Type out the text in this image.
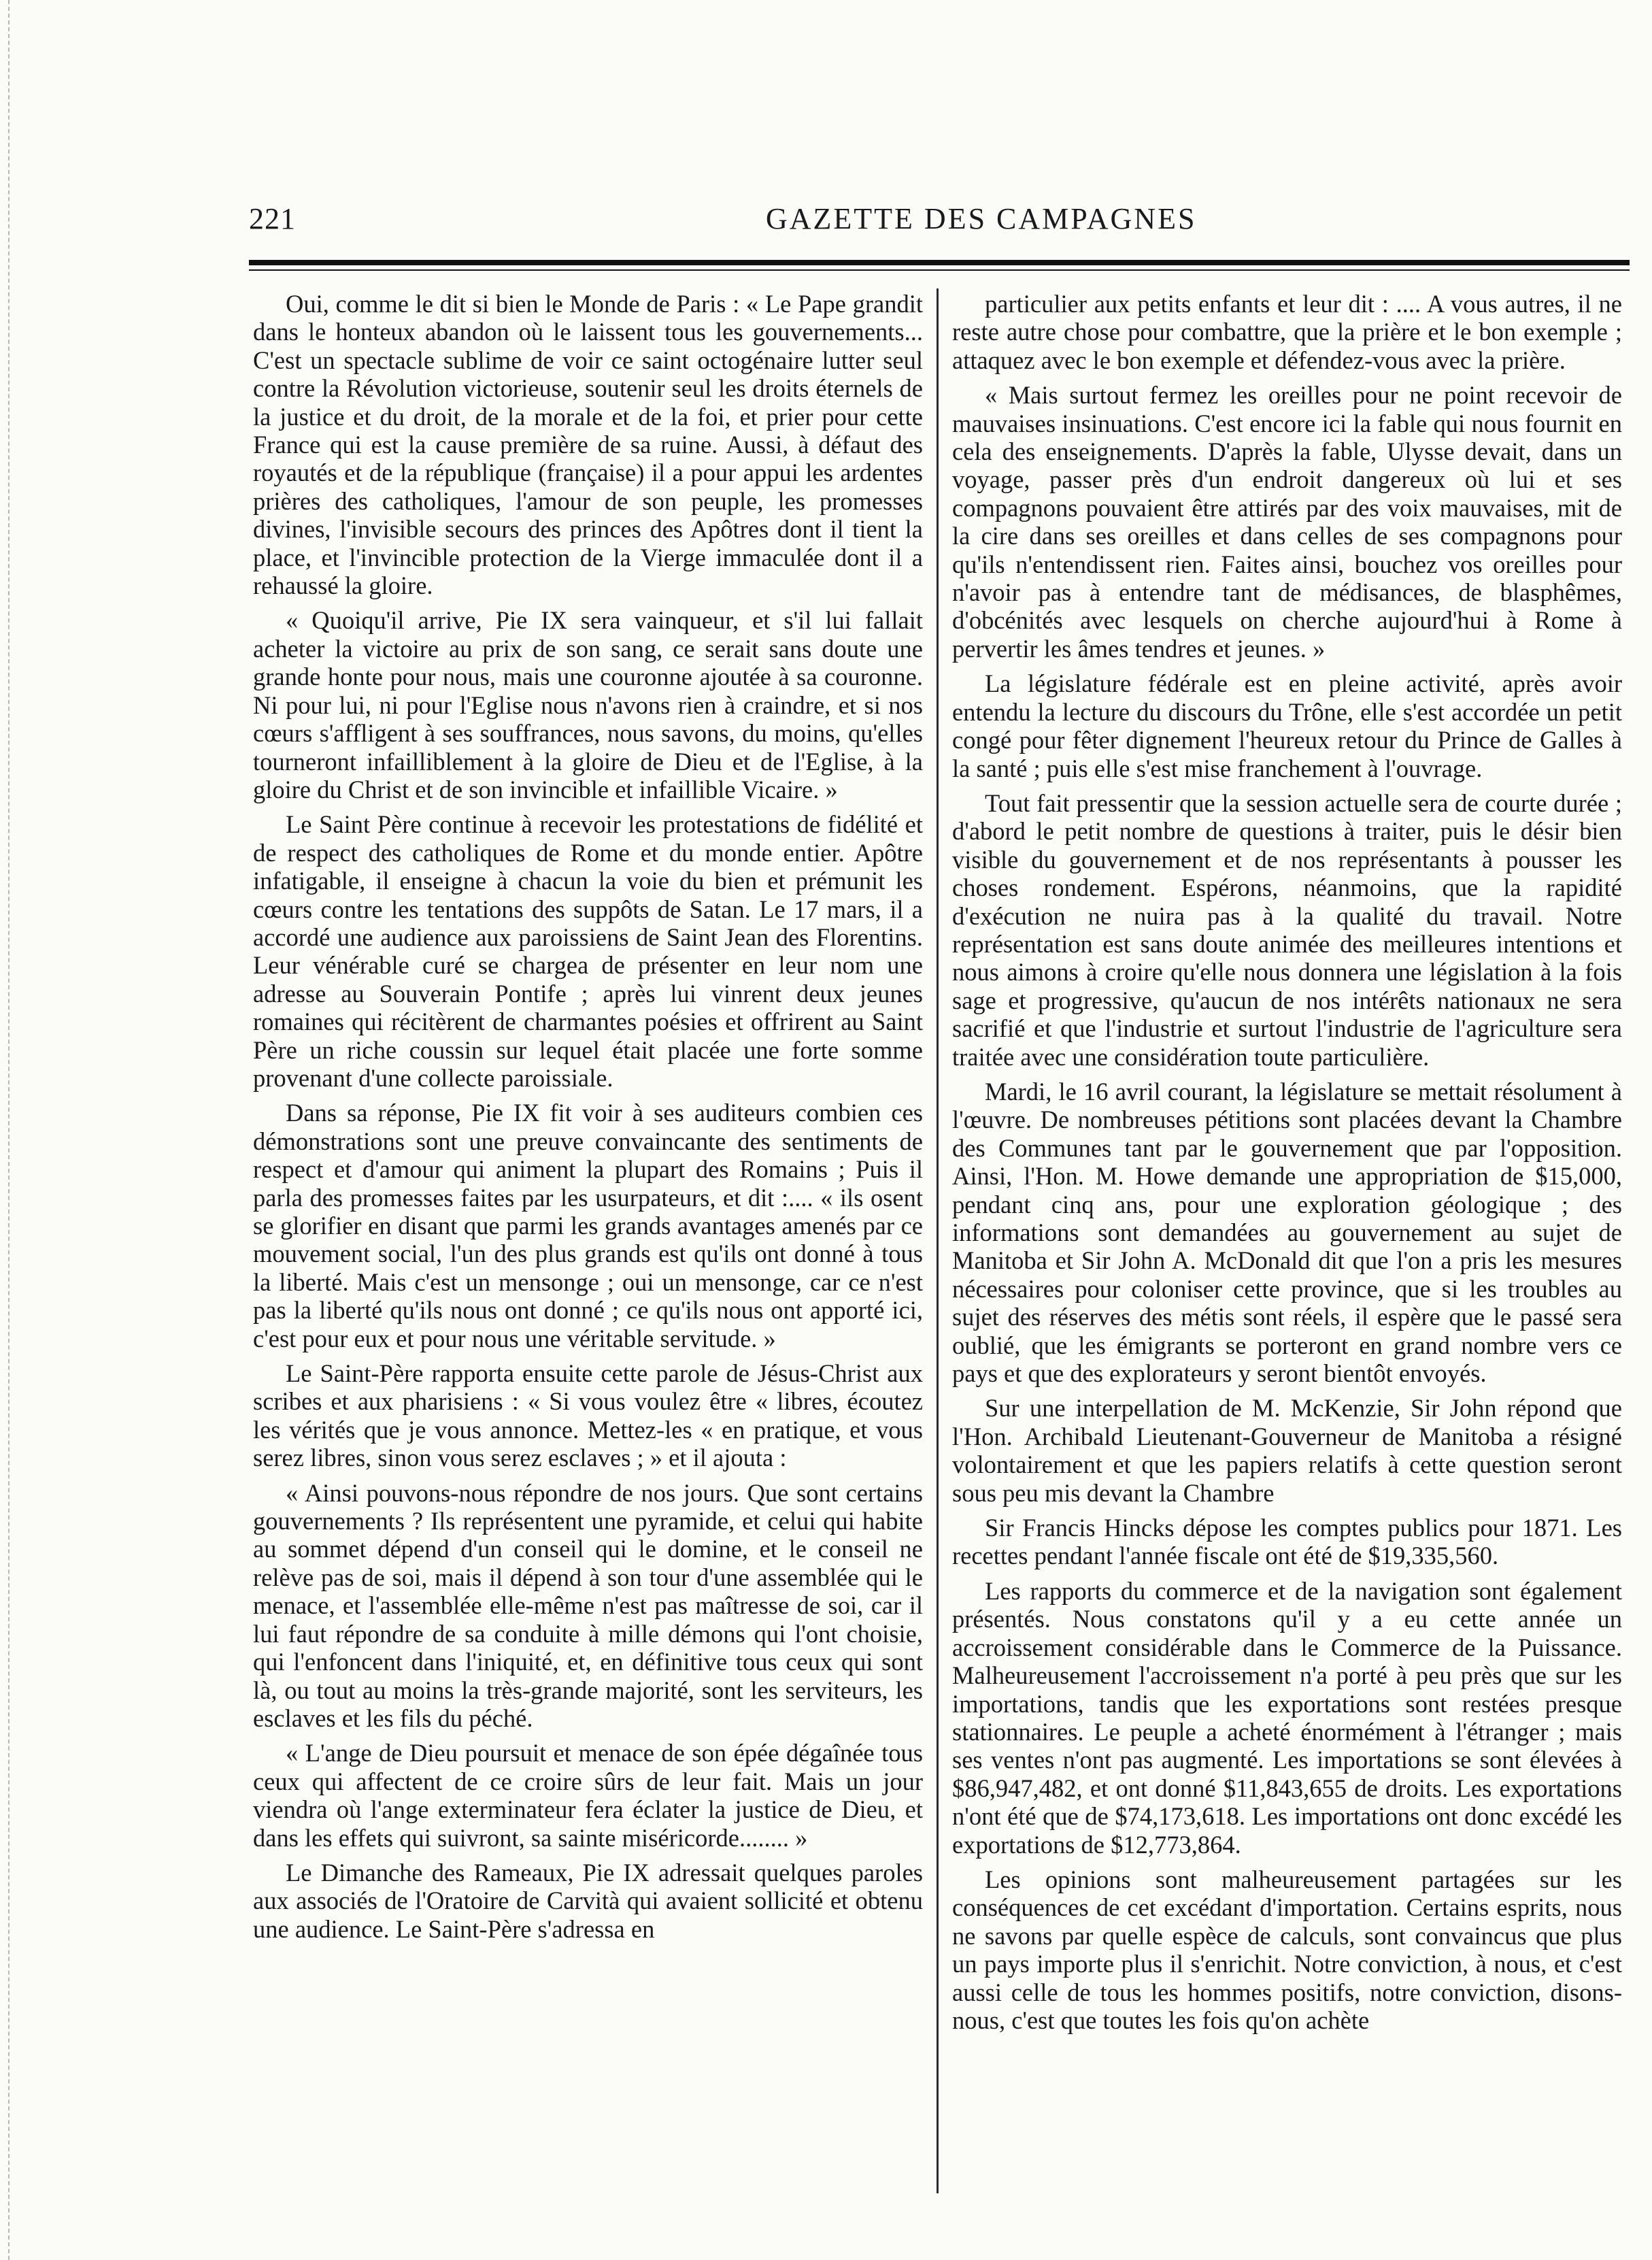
221	GAZETTE DES CAMPAGNES

Oui, comme le dit si bien le Monde de Paris : « Le Pape grandit dans le honteux abandon où le laissent tous les gouvernements... C'est un spectacle sublime de voir ce saint octogénaire lutter seul contre la Révolution victorieuse, soutenir seul les droits éternels de la justice et du droit, de la morale et de la foi, et prier pour cette France qui est la cause première de sa ruine. Aussi, à défaut des royautés et de la république (française) il a pour appui les ardentes prières des catholiques, l'amour de son peuple, les promesses divines, l'invisible secours des princes des Apôtres dont il tient la place, et l'invincible protection de la Vierge immaculée dont il a rehaussé la gloire.

« Quoiqu'il arrive, Pie IX sera vainqueur, et s'il lui fallait acheter la victoire au prix de son sang, ce serait sans doute une grande honte pour nous, mais une couronne ajoutée à sa couronne. Ni pour lui, ni pour l'Eglise nous n'avons rien à craindre, et si nos cœurs s'affligent à ses souffrances, nous savons, du moins, qu'elles tourneront infailliblement à la gloire de Dieu et de l'Eglise, à la gloire du Christ et de son invincible et infaillible Vicaire. »

Le Saint Père continue à recevoir les protestations de fidélité et de respect des catholiques de Rome et du monde entier. Apôtre infatigable, il enseigne à chacun la voie du bien et prémunit les cœurs contre les tentations des suppôts de Satan. Le 17 mars, il a accordé une audience aux paroissiens de Saint Jean des Florentins. Leur vénérable curé se chargea de présenter en leur nom une adresse au Souverain Pontife ; après lui vinrent deux jeunes romaines qui récitèrent de charmantes poésies et offrirent au Saint Père un riche coussin sur lequel était placée une forte somme provenant d'une collecte paroissiale.

Dans sa réponse, Pie IX fit voir à ses auditeurs combien ces démonstrations sont une preuve convaincante des sentiments de respect et d'amour qui animent la plupart des Romains ; Puis il parla des promesses faites par les usurpateurs, et dit :.... « ils osent se glorifier en disant que parmi les grands avantages amenés par ce mouvement social, l'un des plus grands est qu'ils ont donné à tous la liberté. Mais c'est un mensonge ; oui un mensonge, car ce n'est pas la liberté qu'ils nous ont donné ; ce qu'ils nous ont apporté ici, c'est pour eux et pour nous une véritable servitude. »

Le Saint-Père rapporta ensuite cette parole de Jésus-Christ aux scribes et aux pharisiens : « Si vous voulez être « libres, écoutez les vérités que je vous annonce. Mettez-les « en pratique, et vous serez libres, sinon vous serez esclaves ; » et il ajouta :

« Ainsi pouvons-nous répondre de nos jours. Que sont certains gouvernements ? Ils représentent une pyramide, et celui qui habite au sommet dépend d'un conseil qui le domine, et le conseil ne relève pas de soi, mais il dépend à son tour d'une assemblée qui le menace, et l'assemblée elle-même n'est pas maîtresse de soi, car il lui faut répondre de sa conduite à mille démons qui l'ont choisie, qui l'enfoncent dans l'iniquité, et, en définitive tous ceux qui sont là, ou tout au moins la très-grande majorité, sont les serviteurs, les esclaves et les fils du péché.

« L'ange de Dieu poursuit et menace de son épée dégaînée tous ceux qui affectent de ce croire sûrs de leur fait. Mais un jour viendra où l'ange exterminateur fera éclater la justice de Dieu, et dans les effets qui suivront, sa sainte miséricorde........ »

Le Dimanche des Rameaux, Pie IX adressait quelques paroles aux associés de l'Oratoire de Carvità qui avaient sollicité et obtenu une audience. Le Saint-Père s'adressa en

particulier aux petits enfants et leur dit : .... A vous autres, il ne reste autre chose pour combattre, que la prière et le bon exemple ; attaquez avec le bon exemple et défendez-vous avec la prière.

« Mais surtout fermez les oreilles pour ne point recevoir de mauvaises insinuations. C'est encore ici la fable qui nous fournit en cela des enseignements. D'après la fable, Ulysse devait, dans un voyage, passer près d'un endroit dangereux où lui et ses compagnons pouvaient être attirés par des voix mauvaises, mit de la cire dans ses oreilles et dans celles de ses compagnons pour qu'ils n'entendissent rien. Faites ainsi, bouchez vos oreilles pour n'avoir pas à entendre tant de médisances, de blasphêmes, d'obcénités avec lesquels on cherche aujourd'hui à Rome à pervertir les âmes tendres et jeunes. »

La législature fédérale est en pleine activité, après avoir entendu la lecture du discours du Trône, elle s'est accordée un petit congé pour fêter dignement l'heureux retour du Prince de Galles à la santé ; puis elle s'est mise franchement à l'ouvrage.

Tout fait pressentir que la session actuelle sera de courte durée ; d'abord le petit nombre de questions à traiter, puis le désir bien visible du gouvernement et de nos représentants à pousser les choses rondement. Espérons, néanmoins, que la rapidité d'exécution ne nuira pas à la qualité du travail. Notre représentation est sans doute animée des meilleures intentions et nous aimons à croire qu'elle nous donnera une législation à la fois sage et progressive, qu'aucun de nos intérêts nationaux ne sera sacrifié et que l'industrie et surtout l'industrie de l'agriculture sera traitée avec une considération toute particulière.

Mardi, le 16 avril courant, la législature se mettait résolument à l'œuvre. De nombreuses pétitions sont placées devant la Chambre des Communes tant par le gouvernement que par l'opposition. Ainsi, l'Hon. M. Howe demande une appropriation de $15,000, pendant cinq ans, pour une exploration géologique ; des informations sont demandées au gouvernement au sujet de Manitoba et Sir John A. McDonald dit que l'on a pris les mesures nécessaires pour coloniser cette province, que si les troubles au sujet des réserves des métis sont réels, il espère que le passé sera oublié, que les émigrants se porteront en grand nombre vers ce pays et que des explorateurs y seront bientôt envoyés.

Sur une interpellation de M. McKenzie, Sir John répond que l'Hon. Archibald Lieutenant-Gouverneur de Manitoba a résigné volontairement et que les papiers relatifs à cette question seront sous peu mis devant la Chambre

Sir Francis Hincks dépose les comptes publics pour 1871. Les recettes pendant l'année fiscale ont été de $19,335,560.

Les rapports du commerce et de la navigation sont également présentés. Nous constatons qu'il y a eu cette année un accroissement considérable dans le Commerce de la Puissance. Malheureusement l'accroissement n'a porté à peu près que sur les importations, tandis que les exportations sont restées presque stationnaires. Le peuple a acheté énormément à l'étranger ; mais ses ventes n'ont pas augmenté. Les importations se sont élevées à $86,947,482, et ont donné $11,843,655 de droits. Les exportations n'ont été que de $74,173,618. Les importations ont donc excédé les exportations de $12,773,864.

Les opinions sont malheureusement partagées sur les conséquences de cet excédant d'importation. Certains esprits, nous ne savons par quelle espèce de calculs, sont convaincus que plus un pays importe plus il s'enrichit. Notre conviction, à nous, et c'est aussi celle de tous les hommes positifs, notre conviction, disons-nous, c'est que toutes les fois qu'on achète
